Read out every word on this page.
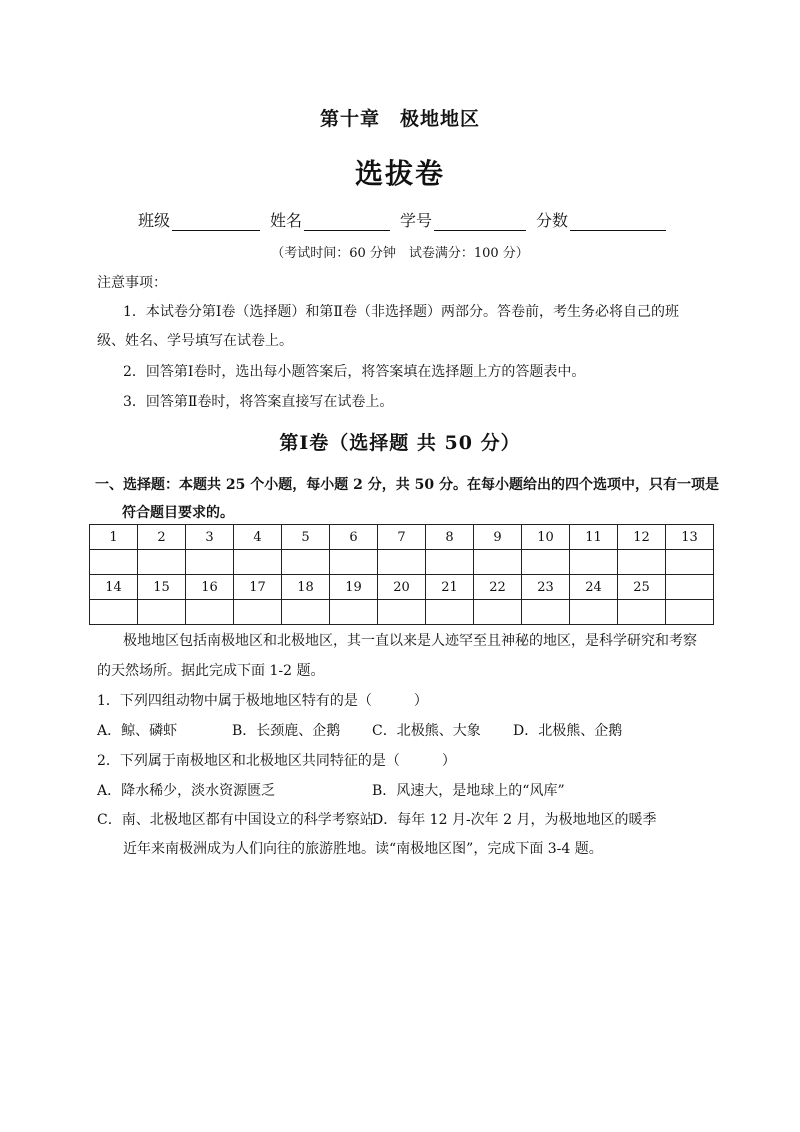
第十章　极地地区
选拔卷
班级	姓名	学号	分数
（考试时间：60 分钟　试卷满分：100 分）
注意事项：
1．本试卷分第Ⅰ卷（选择题）和第Ⅱ卷（非选择题）两部分。答卷前，考生务必将自己的班
级、姓名、学号填写在试卷上。
2．回答第Ⅰ卷时，选出每小题答案后，将答案填在选择题上方的答题表中。
3．回答第Ⅱ卷时，将答案直接写在试卷上。
第Ⅰ卷（选择题 共 50 分）
一、选择题：本题共 25 个小题，每小题 2 分，共 50 分。在每小题给出的四个选项中，只有一项是
符合题目要求的。
1	2	3	4	5	6	7	8	9	10	11	12	13

14	15	16	17	18	19	20	21	22	23	24	25	

极地地区包括南极地区和北极地区，其一直以来是人迹罕至且神秘的地区，是科学研究和考察
的天然场所。据此完成下面 1-2 题。
1．下列四组动物中属于极地地区特有的是（　　　）
A．鲸、磷虾	B．长颈鹿、企鹅 C．北极熊、大象 D．北极熊、企鹅
2．下列属于南极地区和北极地区共同特征的是（　　　）
A．降水稀少，淡水资源匮乏	B．风速大，是地球上的“风库”
C．南、北极地区都有中国设立的科学考察站
D．每年 12 月-次年 2 月，为极地地区的暖季
近年来南极洲成为人们向往的旅游胜地。读“南极地区图”，完成下面 3-4 题。
